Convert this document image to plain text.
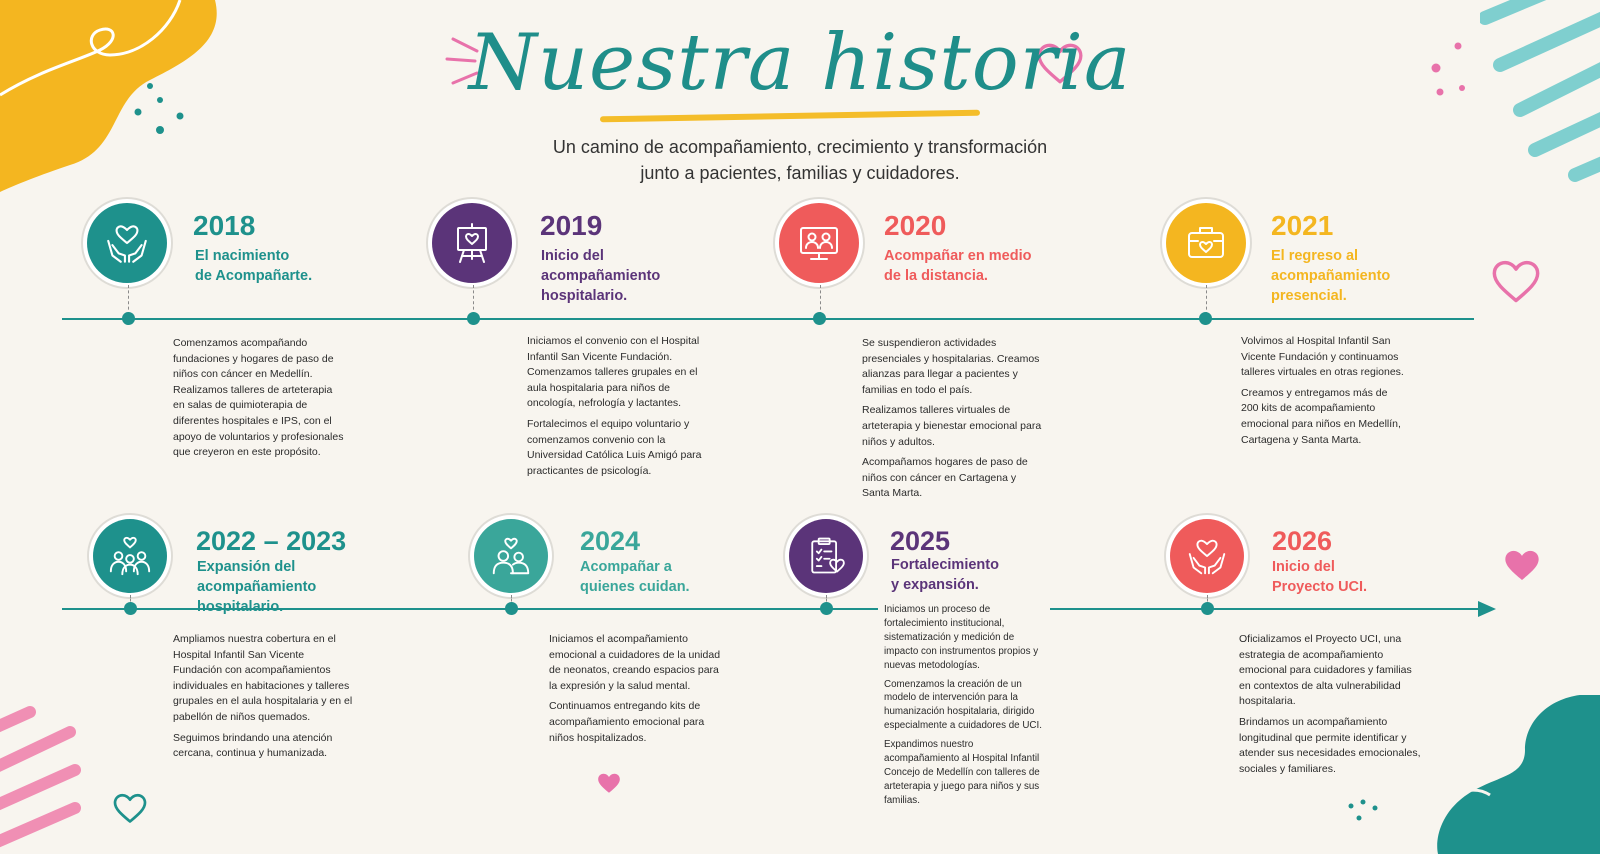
Nuestra historia
Un camino de acompañamiento, crecimiento y transformación
junto a pacientes, familias y cuidadores.
2018
El nacimiento
de Acompañarte.

Comenzamos acompañando fundaciones y hogares de paso de niños con cáncer en Medellín. Realizamos talleres de arteterapia en salas de quimioterapia de diferentes hospitales e IPS, con el apoyo de voluntarios y profesionales que creyeron en este propósito.

2019
Inicio del
acompañamiento
hospitalario.

Iniciamos el convenio con el Hospital Infantil San Vicente Fundación. Comenzamos talleres grupales en el aula hospitalaria para niños de oncología, nefrología y lactantes.

Fortalecimos el equipo voluntario y comenzamos convenio con la Universidad Católica Luis Amigó para practicantes de psicología.

2020
Acompañar en medio
de la distancia.

Se suspendieron actividades presenciales y hospitalarias. Creamos alianzas para llegar a pacientes y familias en todo el país.

Realizamos talleres virtuales de arteterapia y bienestar emocional para niños y adultos.

Acompañamos hogares de paso de niños con cáncer en Cartagena y Santa Marta.

2021
El regreso al
acompañamiento
presencial.

Volvimos al Hospital Infantil San Vicente Fundación y continuamos talleres virtuales en otras regiones.

Creamos y entregamos más de 200 kits de acompañamiento emocional para niños en Medellín, Cartagena y Santa Marta.

2022 – 2023
Expansión del
acompañamiento
hospitalario.

Ampliamos nuestra cobertura en el Hospital Infantil San Vicente Fundación con acompañamientos individuales en habitaciones y talleres grupales en el aula hospitalaria y en el pabellón de niños quemados.

Seguimos brindando una atención cercana, continua y humanizada.

2024
Acompañar a
quienes cuidan.

Iniciamos el acompañamiento emocional a cuidadores de la unidad de neonatos, creando espacios para la expresión y la salud mental.

Continuamos entregando kits de acompañamiento emocional para niños hospitalizados.

2025
Fortalecimiento
y expansión.

Iniciamos un proceso de fortalecimiento institucional, sistematización y medición de impacto con instrumentos propios y nuevas metodologías.

Comenzamos la creación de un modelo de intervención para la humanización hospitalaria, dirigido especialmente a cuidadores de UCI.

Expandimos nuestro acompañamiento al Hospital Infantil Concejo de Medellín con talleres de arteterapia y juego para niños y sus familias.

2026
Inicio del
Proyecto UCI.

Oficializamos el Proyecto UCI, una estrategia de acompañamiento emocional para cuidadores y familias en contextos de alta vulnerabilidad hospitalaria.

Brindamos un acompañamiento longitudinal que permite identificar y atender sus necesidades emocionales, sociales y familiares.
